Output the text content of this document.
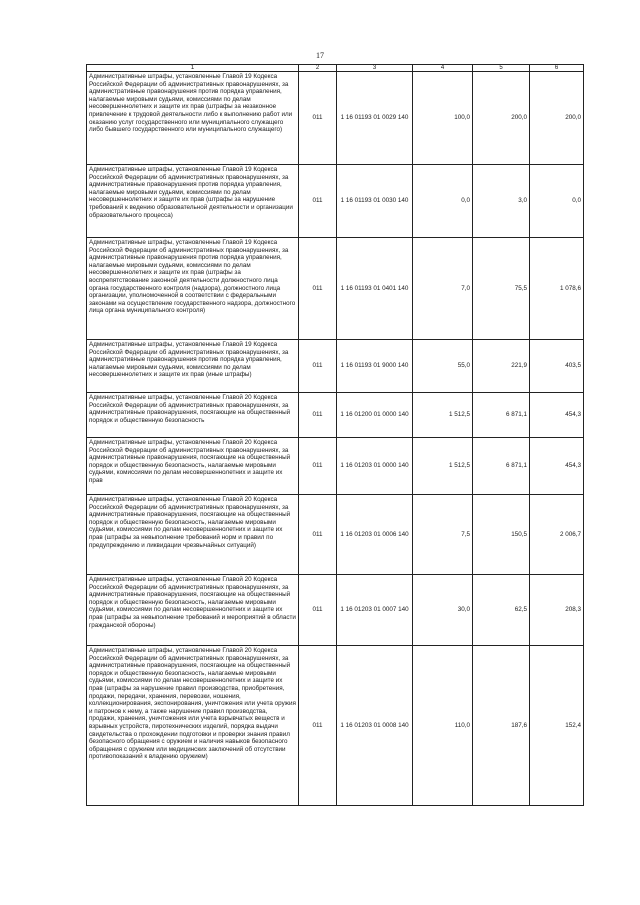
17
1	2	3	4	5	6
Административные штрафы, установленные Главой 19 Кодекса Российской Федерации об административных правонарушениях, за административные правонарушения против порядка управления, налагаемые мировыми судьями, комиссиями по делам несовершеннолетних и защите их прав (штрафы за незаконное привлечение к трудовой деятельности либо к выполнению работ или оказанию услуг государственного или муниципального служащего либо бывшего государственного или муниципального служащего)	011	1 16 01193 01 0029 140	100,0	200,0	200,0
Административные штрафы, установленные Главой 19 Кодекса Российской Федерации об административных правонарушениях, за административные правонарушения против порядка управления, налагаемые мировыми судьями, комиссиями по делам несовершеннолетних и защите их прав (штрафы за нарушение требований к ведению образовательной деятельности и организации образовательного процесса)	011	1 16 01193 01 0030 140	0,0	3,0	0,0
Административные штрафы, установленные Главой 19 Кодекса Российской Федерации об административных правонарушениях, за административные правонарушения против порядка управления, налагаемые мировыми судьями, комиссиями по делам несовершеннолетних и защите их прав (штрафы за воспрепятствование законной деятельности должностного лица органа государственного контроля (надзора), должностного лица организации, уполномоченной в соответствии с федеральными законами на осуществление государственного надзора, должностного лица органа муниципального контроля)	011	1 16 01193 01 0401 140	7,0	75,5	1 078,6
Административные штрафы, установленные Главой 19 Кодекса Российской Федерации об административных правонарушениях, за административные правонарушения против порядка управления, налагаемые мировыми судьями, комиссиями по делам несовершеннолетних и защите их прав (иные штрафы)	011	1 16 01193 01 9000 140	55,0	221,9	403,5
Административные штрафы, установленные Главой 20 Кодекса Российской Федерации об административных правонарушениях, за административные правонарушения, посягающие на общественный порядок и общественную безопасность	011	1 16 01200 01 0000 140	1 512,5	6 871,1	454,3
Административные штрафы, установленные Главой 20 Кодекса Российской Федерации об административных правонарушениях, за административные правонарушения, посягающие на общественный порядок и общественную безопасность, налагаемые мировыми судьями, комиссиями по делам несовершеннолетних и защите их прав	011	1 16 01203 01 0000 140	1 512,5	6 871,1	454,3
Административные штрафы, установленные Главой 20 Кодекса Российской Федерации об административных правонарушениях, за административные правонарушения, посягающие на общественный порядок и общественную безопасность, налагаемые мировыми судьями, комиссиями по делам несовершеннолетних и защите их прав (штрафы за невыполнение требований норм и правил по предупреждению и ликвидации чрезвычайных ситуаций)	011	1 16 01203 01 0006 140	7,5	150,5	2 006,7
Административные штрафы, установленные Главой 20 Кодекса Российской Федерации об административных правонарушениях, за административные правонарушения, посягающие на общественный порядок и общественную безопасность, налагаемые мировыми судьями, комиссиями по делам несовершеннолетних и защите их прав (штрафы за невыполнение требований и мероприятий в области гражданской обороны)	011	1 16 01203 01 0007 140	30,0	62,5	208,3
Административные штрафы, установленные Главой 20 Кодекса Российской Федерации об административных правонарушениях, за административные правонарушения, посягающие на общественный порядок и общественную безопасность, налагаемые мировыми судьями, комиссиями по делам несовершеннолетних и защите их прав (штрафы за нарушение правил производства, приобретения, продажи, передачи, хранения, перевозки, ношения, коллекционирования, экспонирования, уничтожения или учета оружия и патронов к нему, а также нарушение правил производства, продажи, хранения, уничтожения или учета взрывчатых веществ и взрывных устройств, пиротехнических изделий, порядка выдачи свидетельства о прохождении подготовки и проверки знания правил безопасного обращения с оружием и наличия навыков безопасного обращения с оружием или медицинских заключений об отсутствии противопоказаний к владению оружием)	011	1 16 01203 01 0008 140	110,0	187,6	152,4
